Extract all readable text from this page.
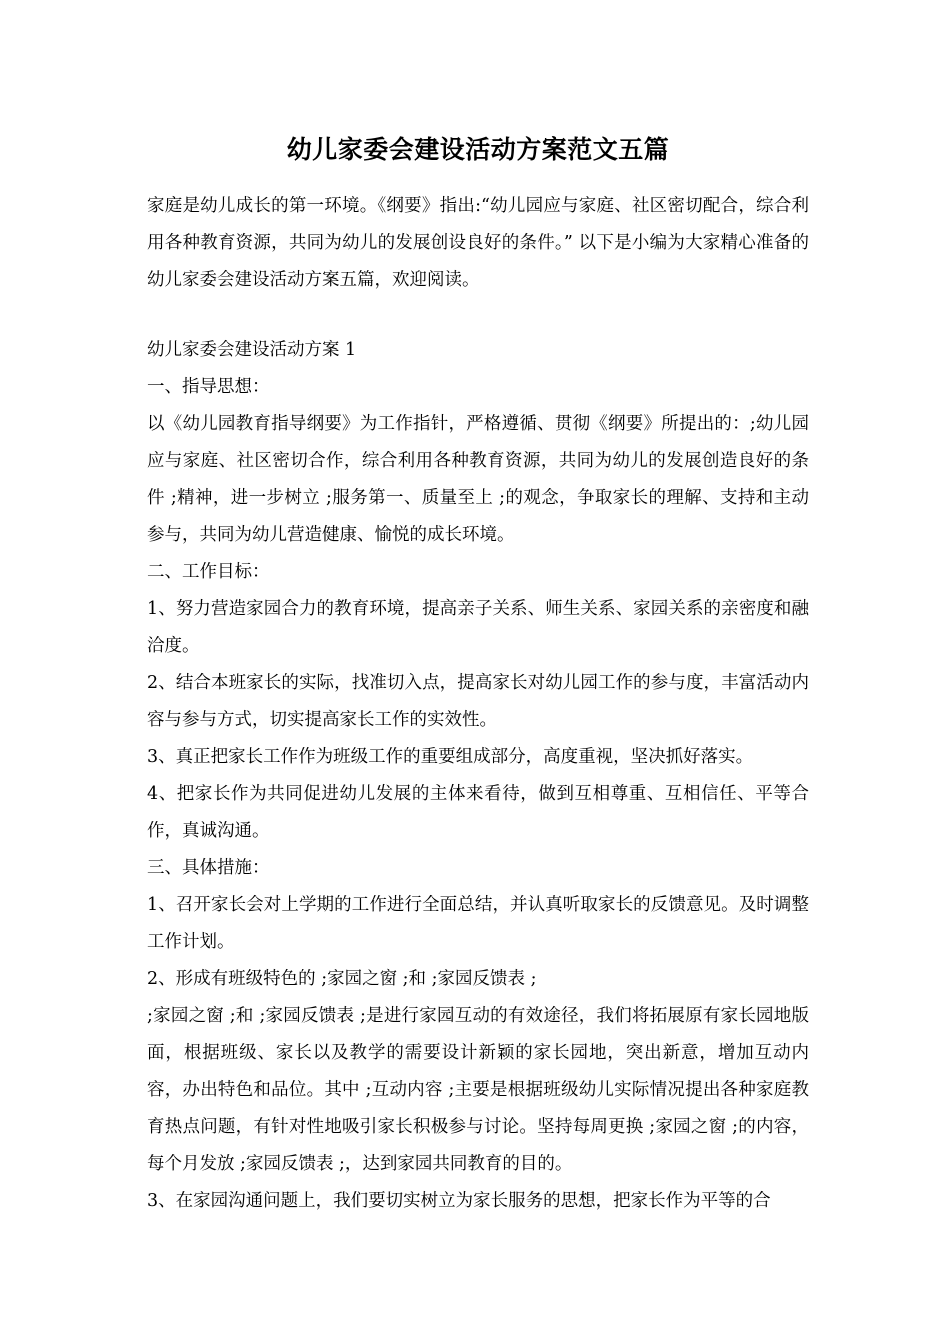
幼儿家委会建设活动方案范文五篇

家庭是幼儿成长的第一环境。《纲要》指出:“幼儿园应与家庭、社区密切配合，综合利用各种教育资源，共同为幼儿的发展创设良好的条件。” 以下是小编为大家精心准备的幼儿家委会建设活动方案五篇，欢迎阅读。

幼儿家委会建设活动方案 1

一、指导思想：

以《幼儿园教育指导纲要》为工作指针，严格遵循、贯彻《纲要》所提出的：;幼儿园应与家庭、社区密切合作，综合利用各种教育资源，共同为幼儿的发展创造良好的条件 ;精神，进一步树立 ;服务第一、质量至上 ;的观念，争取家长的理解、支持和主动参与，共同为幼儿营造健康、愉悦的成长环境。

二、工作目标：

1、努力营造家园合力的教育环境，提高亲子关系、师生关系、家园关系的亲密度和融洽度。

2、结合本班家长的实际，找准切入点，提高家长对幼儿园工作的参与度，丰富活动内容与参与方式，切实提高家长工作的实效性。

3、真正把家长工作作为班级工作的重要组成部分，高度重视，坚决抓好落实。

4、把家长作为共同促进幼儿发展的主体来看待，做到互相尊重、互相信任、平等合作，真诚沟通。

三、具体措施：

1、召开家长会对上学期的工作进行全面总结，并认真听取家长的反馈意见。及时调整工作计划。

2、形成有班级特色的 ;家园之窗 ;和 ;家园反馈表 ;

;家园之窗 ;和 ;家园反馈表 ;是进行家园互动的有效途径，我们将拓展原有家长园地版面，根据班级、家长以及教学的需要设计新颖的家长园地，突出新意，增加互动内容，办出特色和品位。其中 ;互动内容 ;主要是根据班级幼儿实际情况提出各种家庭教育热点问题，有针对性地吸引家长积极参与讨论。坚持每周更换 ;家园之窗 ;的内容，每个月发放 ;家园反馈表 ;，达到家园共同教育的目的。

3、在家园沟通问题上，我们要切实树立为家长服务的思想，把家长作为平等的合
